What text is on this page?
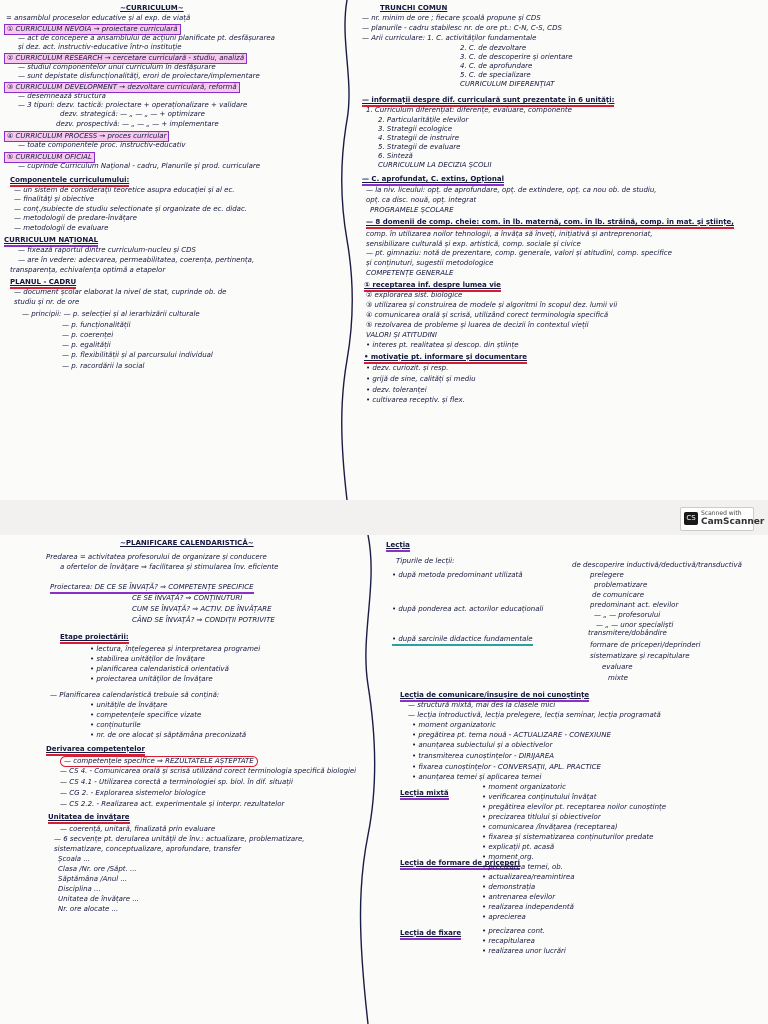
~CURRICULUM~
= ansamblul proceselor educative și al exp. de viață
① CURRICULUM NEVOIA → proiectare curriculară
— act de concepere a ansamblului de acțiuni planificate pt. desfășurarea
și dez. act. instructiv-educative într-o instituție
② CURRICULUM RESEARCH → cercetare curriculară - studiu, analiză
— studiul componentelor unui curriculum în desfășurare
— sunt depistate disfuncționalități, erori de proiectare/implementare
③ CURRICULUM DEVELOPMENT → dezvoltare curriculară, reformă
— desemnează structura
— 3 tipuri: dezv. tactică: proiectare + operaționalizare + validare
dezv. strategică: — „ — „ — + optimizare
dezv. prospectivă: — „ — „ — + implementare
④ CURRICULUM PROCESS → proces curricular
— toate componentele proc. instructiv-educativ
⑤ CURRICULUM OFICIAL
— cuprinde Curriculum Național - cadru, Planurile și prod. curriculare
Componentele curriculumului:
— un sistem de considerații teoretice asupra educației și al ec.
— finalități și obiective
— conț./subiecte de studiu selectionate și organizate de ec. didac.
— metodologii de predare-învățare
— metodologii de evaluare
CURRICULUM NAȚIONAL
— fixează raportul dintre curriculum-nucleu și CDS
— are în vedere: adecvarea, permeabilitatea, coerența, pertinența,
transparența, echivalența optimă a etapelor
PLANUL - CADRU
— document școlar elaborat la nivel de stat, cuprinde ob. de
studiu și nr. de ore
— principii: — p. selecției și al ierarhizării culturale
— p. funcționalității
— p. coerenței
— p. egalității
— p. flexibilității și al parcursului individual
— p. racordării la social
TRUNCHI COMUN
— nr. minim de ore ; fiecare școală propune și CDS
— planurile - cadru stabilesc nr. de ore pt.: C-N, C-S, CDS
— Arii curriculare: 1. C. activităților fundamentale
2. C. de dezvoltare
3. C. de descoperire și orientare
4. C. de aprofundare
5. C. de specializare
CURRICULUM DIFERENȚIAT
— informații despre dif. curriculară sunt prezentate în 6 unități:
1. Curriculum diferențiat: diferențe, evaluare, componente
2. Particularitățile elevilor
3. Strategii ecologice
4. Strategii de instruire
5. Strategii de evaluare
6. Sinteză
CURRICULUM LA DECIZIA ȘCOLII
— C. aprofundat, C. extins, Opțional
— la niv. liceului: opț. de aprofundare, opț. de extindere, opț. ca nou ob. de studiu,
opț. ca disc. nouă, opț. integrat
PROGRAMELE ȘCOLARE
— 8 domenii de comp. cheie: com. în lb. maternă, com. în lb. străină, comp. în mat. și științe,
comp. în utilizarea noilor tehnologii, a învăța să înveți, inițiativă și antreprenoriat,
sensibilizare culturală și exp. artistică, comp. sociale și civice
— pt. gimnaziu: notă de prezentare, comp. generale, valori și atitudini, comp. specifice
și conținuturi, sugestii metodologice
COMPETENȚE GENERALE
① receptarea inf. despre lumea vie
② explorarea sist. biologice
③ utilizarea și construirea de modele și algoritmi în scopul dez. lumii vii
④ comunicarea orală și scrisă, utilizând corect terminologia specifică
⑤ rezolvarea de probleme și luarea de decizii în contextul vieții
VALORI ȘI ATITUDINI
• interes pt. realitatea și descop. din științe
• motivație pt. informare și documentare
• dezv. curiozit. și resp.
• grijă de sine, calități și mediu
• dezv. toleranței
• cultivarea receptiv. și flex.
CS
Scanned with
CamScanner
~PLANIFICARE CALENDARISTICĂ~
Predarea = activitatea profesorului de organizare și conducere
a ofertelor de învățare ⇒ facilitarea și stimularea înv. eficiente
Proiectarea: DE CE SE ÎNVAȚĂ? ⇒ COMPETENȚE SPECIFICE
CE SE ÎNVAȚĂ? ⇒ CONȚINUTURI
CUM SE ÎNVAȚĂ? ⇒ ACTIV. DE ÎNVĂȚARE
CÂND SE ÎNVAȚĂ? ⇒ CONDIȚII POTRIVITE
Etape proiectării:
• lectura, înțelegerea și interpretarea programei
• stabilirea unităților de învățare
• planificarea calendaristică orientativă
• proiectarea unităților de învățare
— Planificarea calendaristică trebuie să conțină:
• unitățile de învățare
• competențele specifice vizate
• conținuturile
• nr. de ore alocat și săptămâna preconizată
Derivarea competențelor
— competențele specifice ⇒ REZULTATELE AȘTEPTATE
— CS 4. - Comunicarea orală și scrisă utilizând corect terminologia specifică biologiei
— CS 4.1 - Utilizarea corectă a terminologiei sp. biol. în dif. situații
— CG 2. - Explorarea sistemelor biologice
— CS 2.2. - Realizarea act. experimentale și interpr. rezultatelor
Unitatea de învățare
— coerență, unitară, finalizată prin evaluare
— 6 secvențe pt. derularea unității de înv.: actualizare, problematizare,
sistematizare, conceptualizare, aprofundare, transfer
Școala ...
Clasa /Nr. ore /Săpt. ...
Săptămâna /Anul ...
Disciplina ...
Unitatea de învățare ...
Nr. ore alocate ...
Lecția
Tipurile de lecții:
• după metoda predominant utilizată
de descoperire inductivă/deductivă/transductivă
prelegere
problematizare
de comunicare
• după ponderea act. actorilor educaționali	predominant act. elevilor
— „ — profesorului
— „ — unor specialiști
• după sarcinile didactice fundamentale
transmitere/dobândire
formare de priceperi/deprinderi
sistematizare și recapitulare
evaluare
mixte
Lecția de comunicare/însușire de noi cunoștințe
— structură mixtă, mai des la clasele mici
— lecția introductivă, lecția prelegere, lecția seminar, lecția programată
• moment organizatoric
• pregătirea pt. tema nouă - ACTUALIZARE - CONEXIUNE
• anunțarea subiectului și a obiectivelor
• transmiterea cunoștințelor - DIRIJAREA
• fixarea cunoștințelor - CONVERSAȚII, APL. PRACTICE
• anunțarea temei și aplicarea temei
Lecția mixtă
• moment organizatoric
• verificarea conținutului învățat
• pregătirea elevilor pt. receptarea noilor cunoștințe
• precizarea titlului și obiectivelor
• comunicarea /învățarea (receptarea)
• fixarea și sistematizarea conținuturilor predate
• explicații pt. acasă
Lecția de formare de priceperi
• moment org.
• precizarea temei, ob.
• actualizarea/reamintirea
• demonstrația
• antrenarea elevilor
• realizarea independentă
• aprecierea
Lecția de fixare	• precizarea cont.
• recapitularea
• realizarea unor lucrări
